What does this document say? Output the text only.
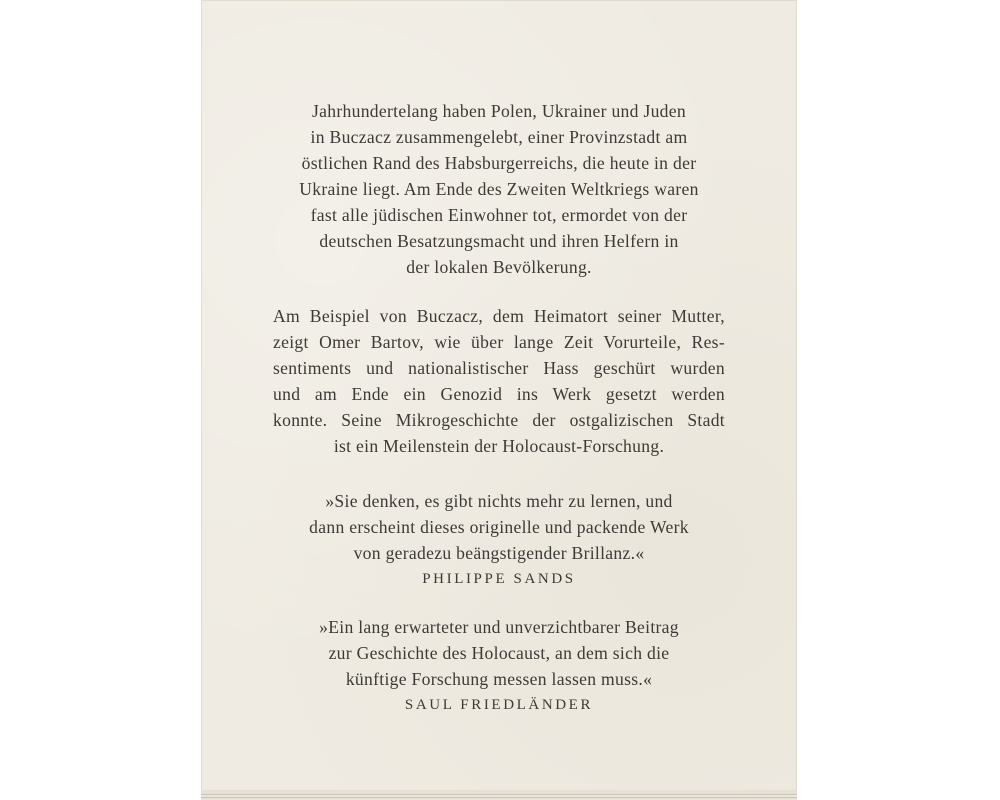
Jahrhundertelang haben Polen, Ukrainer und Juden
in Buczacz zusammengelebt, einer Provinzstadt am
östlichen Rand des Habsburgerreichs, die heute in der
Ukraine liegt. Am Ende des Zweiten Weltkriegs waren
fast alle jüdischen Einwohner tot, ermordet von der
deutschen Besatzungsmacht und ihren Helfern in
der lokalen Bevölkerung.
Am Beispiel von Buczacz, dem Heimatort seiner Mutter,
zeigt Omer Bartov, wie über lange Zeit Vorurteile, Res-
sentiments und nationalistischer Hass geschürt wurden
und am Ende ein Genozid ins Werk gesetzt werden
konnte. Seine Mikrogeschichte der ostgalizischen Stadt
ist ein Meilenstein der Holocaust-Forschung.
»Sie denken, es gibt nichts mehr zu lernen, und
dann erscheint dieses originelle und packende Werk
von geradezu beängstigender Brillanz.«
PHILIPPE SANDS
»Ein lang erwarteter und unverzichtbarer Beitrag
zur Geschichte des Holocaust, an dem sich die
künftige Forschung messen lassen muss.«
SAUL FRIEDLÄNDER
